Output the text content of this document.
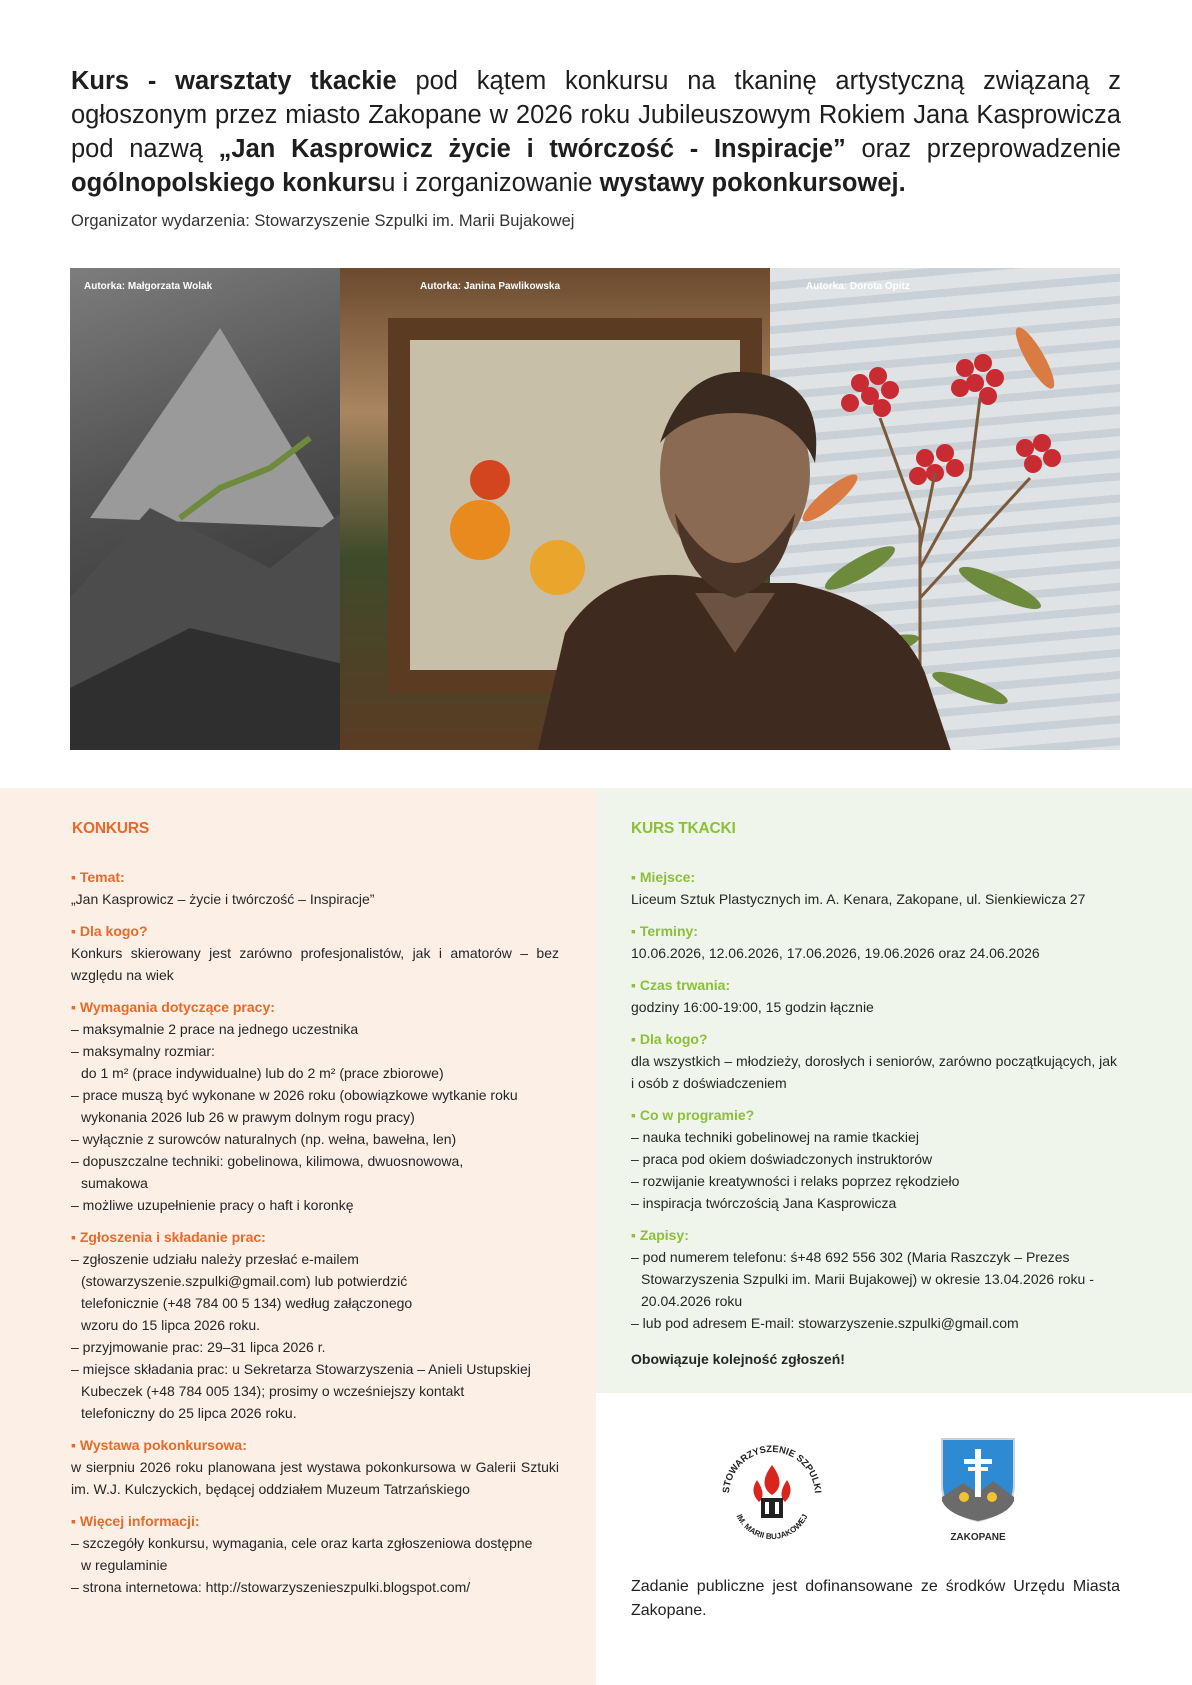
Kurs - warsztaty tkackie pod kątem konkursu na tkaninę artystyczną związaną z ogłoszonym przez miasto Zakopane w 2026 roku Jubileuszowym Rokiem Jana Kasprowicza pod nazwą „Jan Kasprowicz życie i twórczość - Inspiracje” oraz przeprowadzenie ogólnopolskiego konkursu i zorganizowanie wystawy pokonkursowej.
Organizator wydarzenia: Stowarzyszenie Szpulki im. Marii Bujakowej
Autorka: Małgorzata Wolak	Autorka: Janina Pawlikowska	Autorka: Dorota Opitz
KONKURS	KURS TKACKI
▪ Temat:
„Jan Kasprowicz – życie i twórczość – Inspiracje”
▪ Dla kogo?
Konkurs skierowany jest zarówno profesjonalistów, jak i amatorów – bez względu na wiek
▪ Wymagania dotyczące pracy:
– maksymalnie 2 prace na jednego uczestnika
– maksymalny rozmiar:
do 1 m² (prace indywidualne) lub do 2 m² (prace zbiorowe)
– prace muszą być wykonane w 2026 roku (obowiązkowe wytkanie roku
wykonania 2026 lub 26 w prawym dolnym rogu pracy)
– wyłącznie z surowców naturalnych (np. wełna, bawełna, len)
– dopuszczalne techniki: gobelinowa, kilimowa, dwuosnowowa,
sumakowa
– możliwe uzupełnienie pracy o haft i koronkę
▪ Zgłoszenia i składanie prac:
– zgłoszenie udziału należy przesłać e-mailem
(stowarzyszenie.szpulki@gmail.com) lub potwierdzić
telefonicznie (+48 784 00 5 134) według załączonego
wzoru do 15 lipca 2026 roku.
– przyjmowanie prac: 29–31 lipca 2026 r.
– miejsce składania prac: u Sekretarza Stowarzyszenia – Anieli Ustupskiej
Kubeczek (+48 784 005 134); prosimy o wcześniejszy kontakt
telefoniczny do 25 lipca 2026 roku.
▪ Wystawa pokonkursowa:
w sierpniu 2026 roku planowana jest wystawa pokonkursowa w Galerii Sztuki im. W.J. Kulczyckich, będącej oddziałem Muzeum Tatrzańskiego
▪ Więcej informacji:
– szczegóły konkursu, wymagania, cele oraz karta zgłoszeniowa dostępne
w regulaminie
– strona internetowa: http://stowarzyszenieszpulki.blogspot.com/
▪ Miejsce:
Liceum Sztuk Plastycznych im. A. Kenara, Zakopane, ul. Sienkiewicza 27
▪ Terminy:
10.06.2026, 12.06.2026, 17.06.2026, 19.06.2026 oraz 24.06.2026
▪ Czas trwania:
godziny 16:00-19:00, 15 godzin łącznie
▪ Dla kogo?
dla wszystkich – młodzieży, dorosłych i seniorów, zarówno początkujących, jak i osób z doświadczeniem
▪ Co w programie?
– nauka techniki gobelinowej na ramie tkackiej
– praca pod okiem doświadczonych instruktorów
– rozwijanie kreatywności i relaks poprzez rękodzieło
– inspiracja twórczością Jana Kasprowicza
▪ Zapisy:
– pod numerem telefonu: ś+48 692 556 302 (Maria Raszczyk – Prezes
Stowarzyszenia Szpulki im. Marii Bujakowej) w okresie 13.04.2026 roku -
20.04.2026 roku
– lub pod adresem E-mail: stowarzyszenie.szpulki@gmail.com
Obowiązuje kolejność zgłoszeń!
STOWARZYSZENIE SZPULKI
IM. MARII BUJAKOWEJ
ZAKOPANE
Zadanie publiczne jest dofinansowane ze środków Urzędu Miasta Zakopane.
